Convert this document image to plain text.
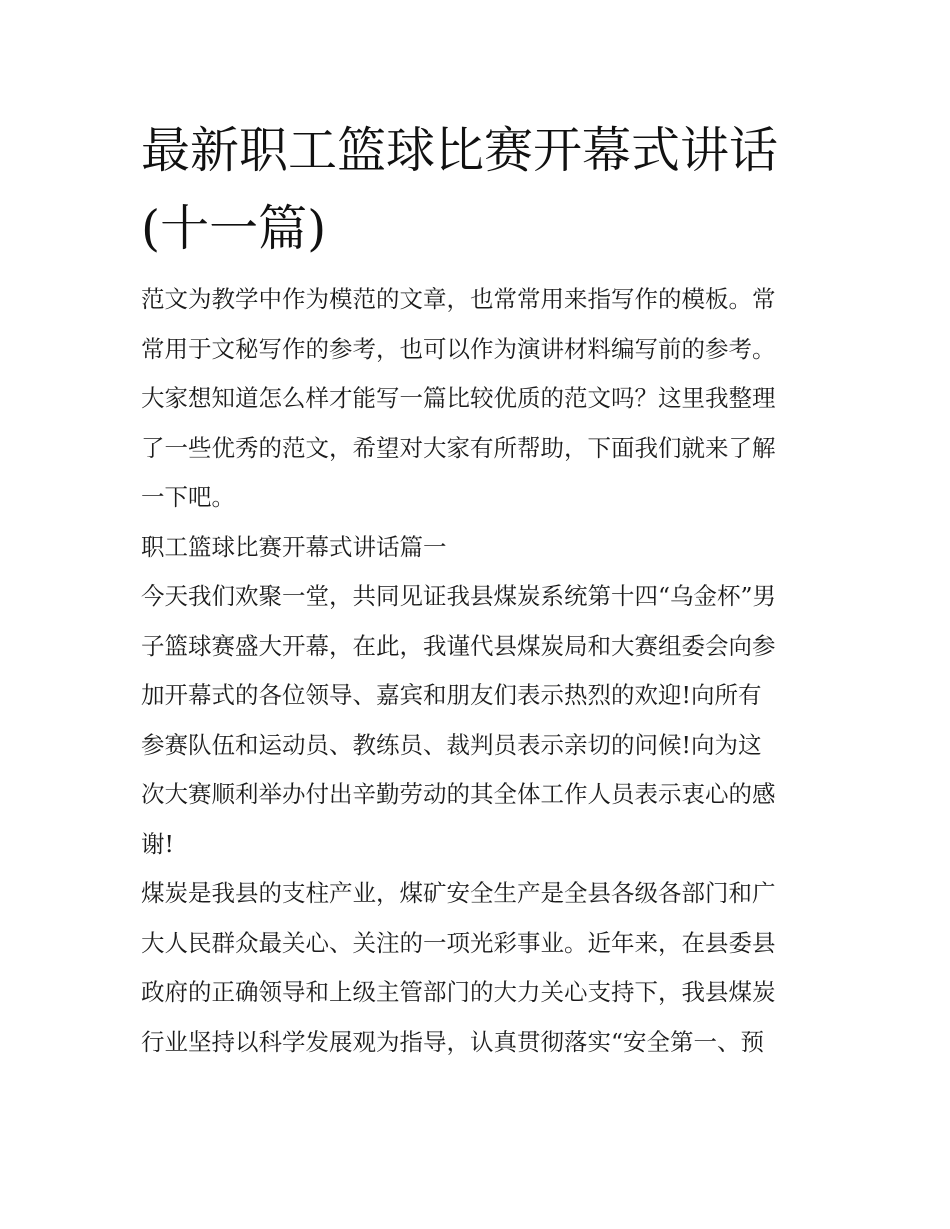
最新职工篮球比赛开幕式讲话
(十一篇)
范文为教学中作为模范的文章，也常常用来指写作的模板。常
常用于文秘写作的参考，也可以作为演讲材料编写前的参考。
大家想知道怎么样才能写一篇比较优质的范文吗？这里我整理
了一些优秀的范文，希望对大家有所帮助，下面我们就来了解
一下吧。
职工篮球比赛开幕式讲话篇一
今天我们欢聚一堂，共同见证我县煤炭系统第十四“乌金杯”男
子篮球赛盛大开幕，在此，我谨代县煤炭局和大赛组委会向参
加开幕式的各位领导、嘉宾和朋友们表示热烈的欢迎!向所有
参赛队伍和运动员、教练员、裁判员表示亲切的问候!向为这
次大赛顺利举办付出辛勤劳动的其全体工作人员表示衷心的感
谢!
煤炭是我县的支柱产业，煤矿安全生产是全县各级各部门和广
大人民群众最关心、关注的一项光彩事业。近年来，在县委县
政府的正确领导和上级主管部门的大力关心支持下，我县煤炭
行业坚持以科学发展观为指导，认真贯彻落实“安全第一、预
